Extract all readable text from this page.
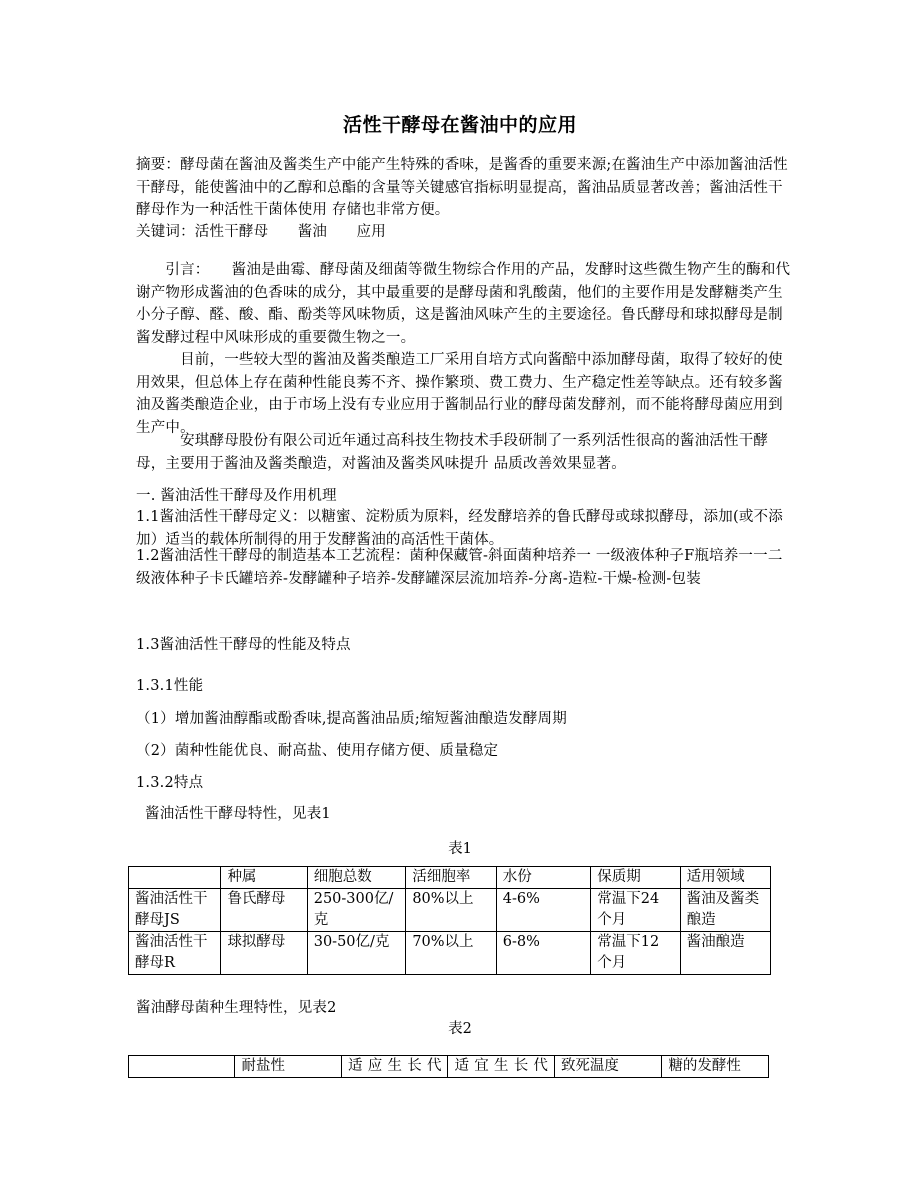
活性干酵母在酱油中的应用

摘要：酵母菌在酱油及酱类生产中能产生特殊的香味，是酱香的重要来源;在酱油生产中添加酱油活性干酵母，能使酱油中的乙醇和总酯的含量等关键感官指标明显提高，酱油品质显著改善；酱油活性干酵母作为一种活性干菌体使用 存储也非常方便。

关键词：活性干酵母　　酱油　　应用

　　引言：　　酱油是曲霉、酵母菌及细菌等微生物综合作用的产品，发酵时这些微生物产生的酶和代谢产物形成酱油的色香味的成分，其中最重要的是酵母菌和乳酸菌，他们的主要作用是发酵糖类产生小分子醇、醛、酸、酯、酚类等风味物质，这是酱油风味产生的主要途径。鲁氏酵母和球拟酵母是制酱发酵过程中风味形成的重要微生物之一。

　　　目前，一些较大型的酱油及酱类酿造工厂采用自培方式向酱醅中添加酵母菌，取得了较好的使用效果，但总体上存在菌种性能良莠不齐、操作繁琐、费工费力、生产稳定性差等缺点。还有较多酱油及酱类酿造企业，由于市场上没有专业应用于酱制品行业的酵母菌发酵剂，而不能将酵母菌应用到生产中。

　　　安琪酵母股份有限公司近年通过高科技生物技术手段研制了一系列活性很高的酱油活性干酵母，主要用于酱油及酱类酿造，对酱油及酱类风味提升 品质改善效果显著。

一. 酱油活性干酵母及作用机理

1.1酱油活性干酵母定义：以糖蜜、淀粉质为原料，经发酵培养的鲁氏酵母或球拟酵母，添加(或不添加）适当的载体所制得的用于发酵酱油的高活性干菌体。

1.2酱油活性干酵母的制造基本工艺流程：菌种保藏管-斜面菌种培养一 一级液体种子F瓶培养一一二级液体种子卡氏罐培养-发酵罐种子培养-发酵罐深层流加培养-分离-造粒-干燥-检测-包装

1.3酱油活性干酵母的性能及特点

1.3.1性能

（1）增加酱油醇酯或酚香味,提高酱油品质;缩短酱油酿造发酵周期

（2）菌种性能优良、耐高盐、使用存储方便、质量稳定

1.3.2特点

酱油活性干酵母特性，见表1

表1

	种属	细胞总数	活细胞率	水份	保质期	适用领域
酱油活性干酵母JS	鲁氏酵母	250-300亿/克	80%以上	4-6%	常温下24个月	酱油及酱类酿造
酱油活性干酵母R	球拟酵母	30-50亿/克	70%以上	6-8%	常温下12个月	酱油酿造

酱油酵母菌种生理特性，见表2

表2

	耐盐性	适应生长代	适宜生长代	致死温度	糖的发酵性
